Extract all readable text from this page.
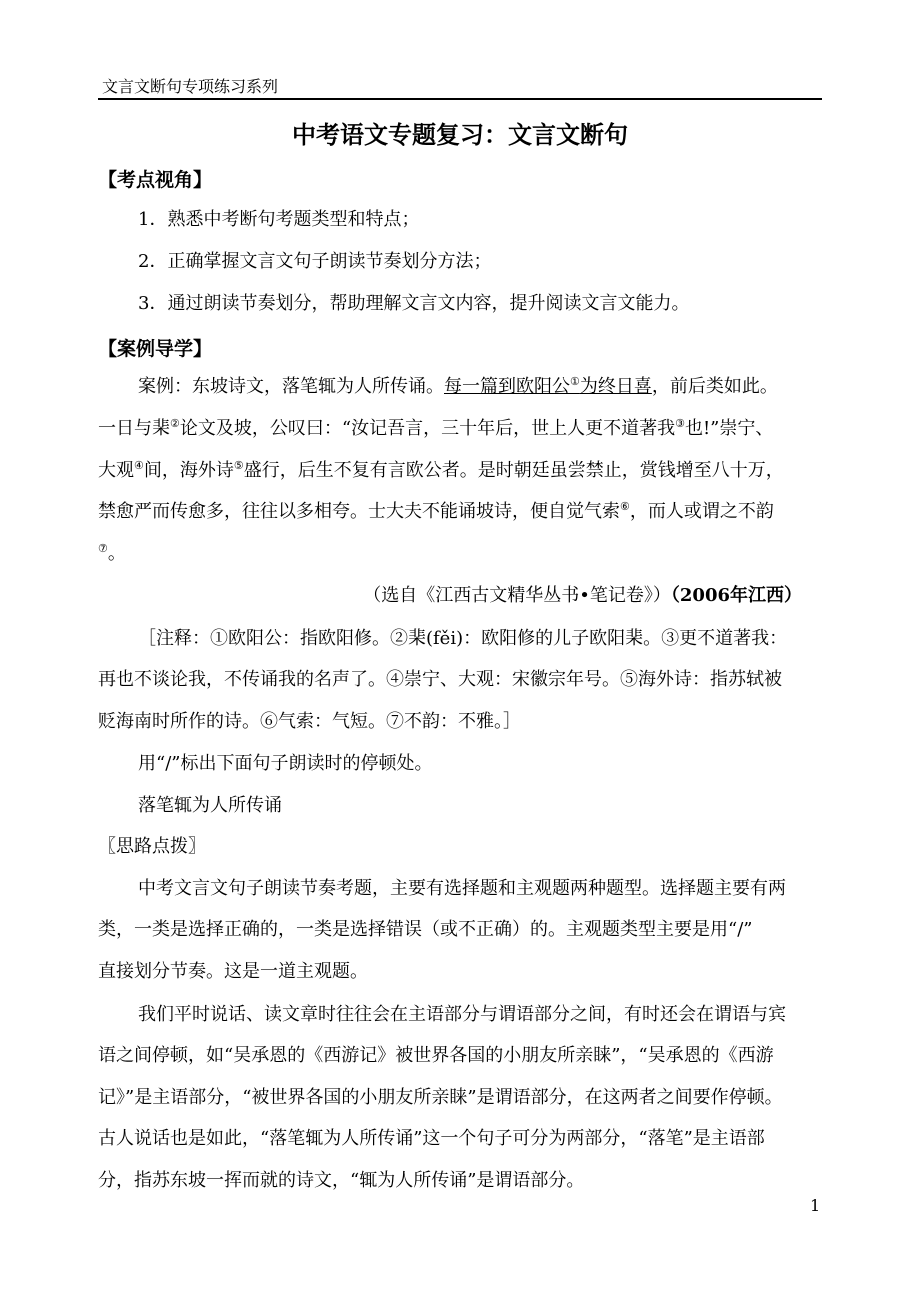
文言文断句专项练习系列
中考语文专题复习：文言文断句
【考点视角】
1．熟悉中考断句考题类型和特点；
2．正确掌握文言文句子朗读节奏划分方法；
3．通过朗读节奏划分，帮助理解文言文内容，提升阅读文言文能力。
【案例导学】
案例：东坡诗文，落笔辄为人所传诵。每一篇到欧阳公①为终日喜，前后类如此。
一日与棐②论文及坡，公叹曰：“汝记吾言，三十年后，世上人更不道著我③也!”崇宁、
大观④间，海外诗⑤盛行，后生不复有言欧公者。是时朝廷虽尝禁止，赏钱增至八十万，
禁愈严而传愈多，往往以多相夸。士大夫不能诵坡诗，便自觉气索⑥，而人或谓之不韵
⑦。
（选自《江西古文精华丛书•笔记卷》）（2006年江西）
［注释：①欧阳公：指欧阳修。②棐(fěi)：欧阳修的儿子欧阳棐。③更不道著我：
再也不谈论我，不传诵我的名声了。④崇宁、大观：宋徽宗年号。⑤海外诗：指苏轼被
贬海南时所作的诗。⑥气索：气短。⑦不韵：不雅。］
用“/”标出下面句子朗读时的停顿处。
落笔辄为人所传诵
〖思路点拨〗
中考文言文句子朗读节奏考题，主要有选择题和主观题两种题型。选择题主要有两
类，一类是选择正确的，一类是选择错误（或不正确）的。主观题类型主要是用“/”
直接划分节奏。这是一道主观题。
我们平时说话、读文章时往往会在主语部分与谓语部分之间，有时还会在谓语与宾
语之间停顿，如“吴承恩的《西游记》被世界各国的小朋友所亲睐”，“吴承恩的《西游
记》”是主语部分，“被世界各国的小朋友所亲睐”是谓语部分，在这两者之间要作停顿。
古人说话也是如此，“落笔辄为人所传诵”这一个句子可分为两部分，“落笔”是主语部
分，指苏东坡一挥而就的诗文，“辄为人所传诵”是谓语部分。
1
